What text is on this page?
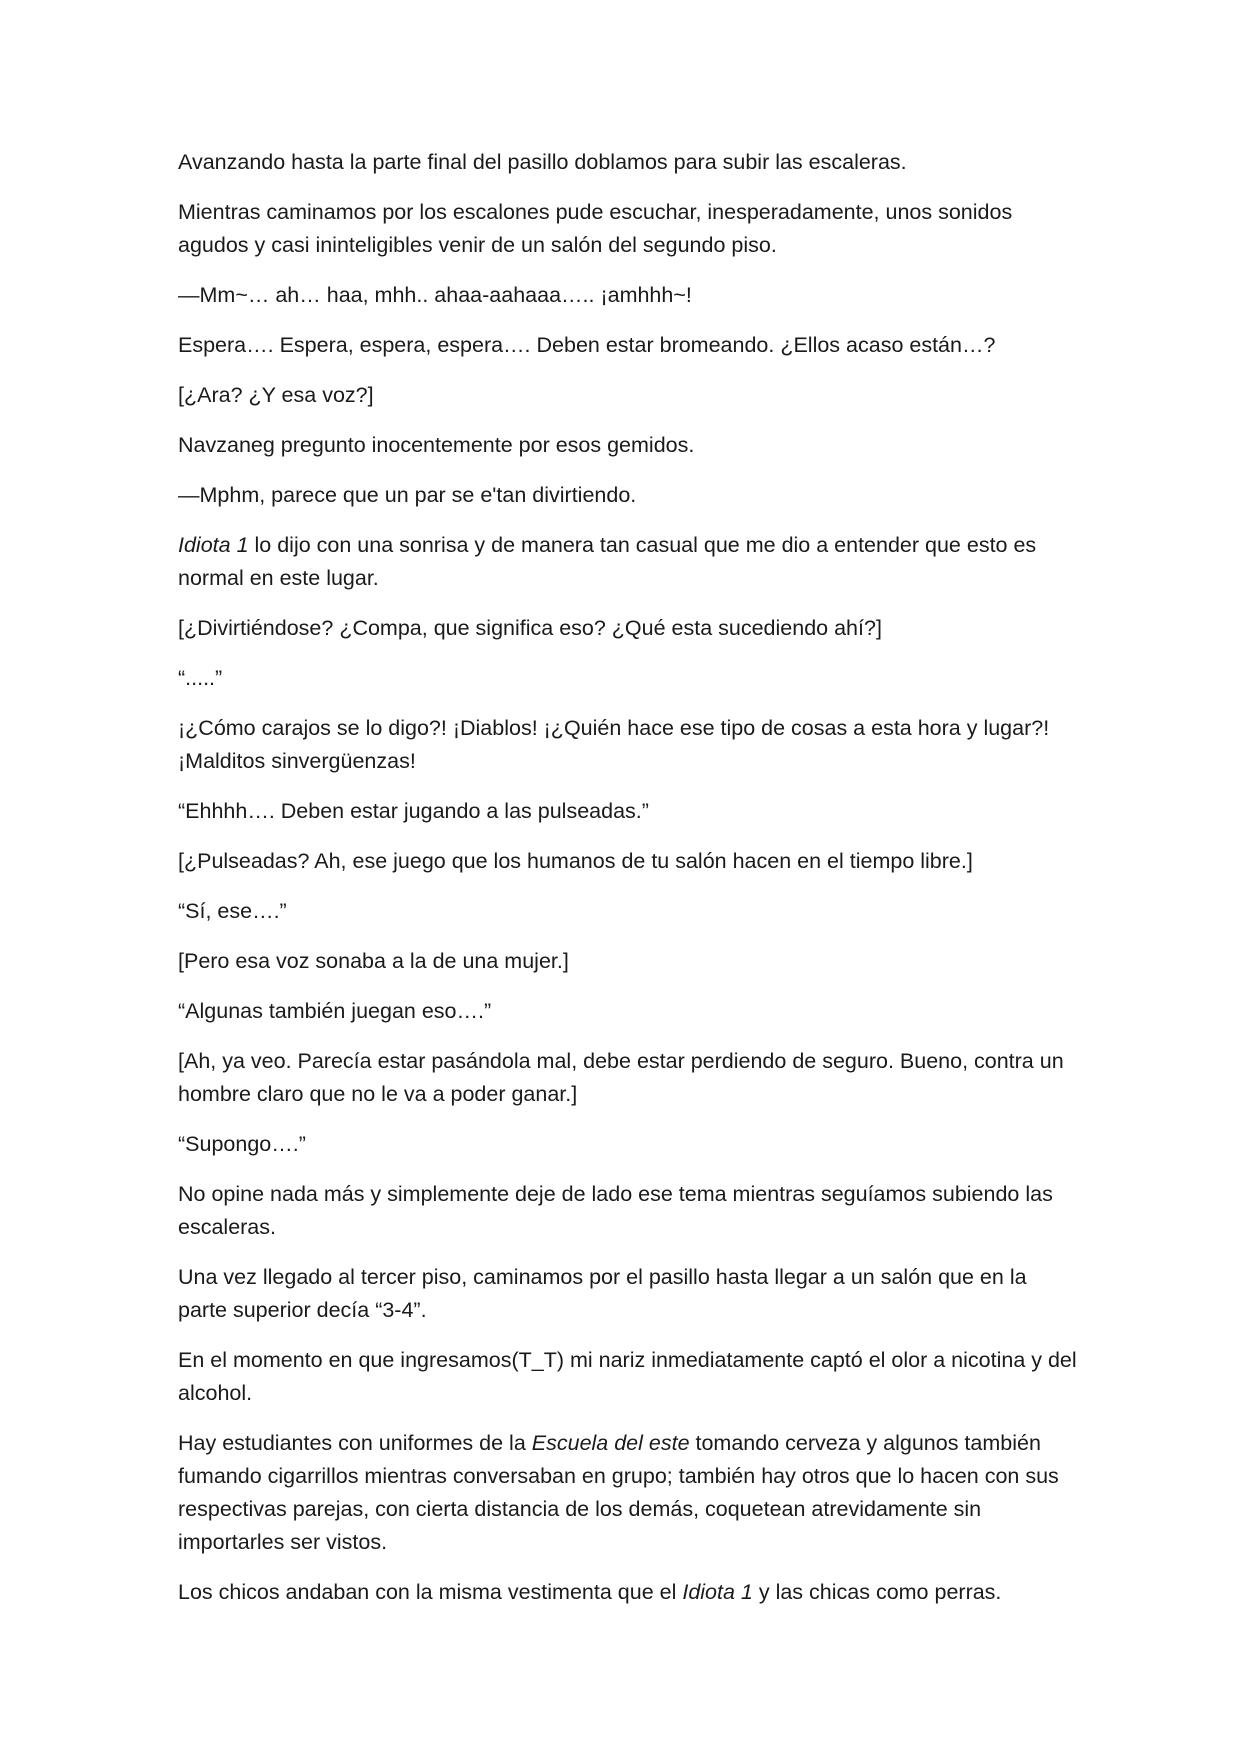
Avanzando hasta la parte final del pasillo doblamos para subir las escaleras.

Mientras caminamos por los escalones pude escuchar, inesperadamente, unos sonidos agudos y casi ininteligibles venir de un salón del segundo piso.

—Mm~… ah… haa, mhh.. ahaa-aahaaa….. ¡amhhh~!

Espera…. Espera, espera, espera…. Deben estar bromeando. ¿Ellos acaso están…?

[¿Ara? ¿Y esa voz?]

Navzaneg pregunto inocentemente por esos gemidos.

—Mphm, parece que un par se e'tan divirtiendo.

Idiota 1 lo dijo con una sonrisa y de manera tan casual que me dio a entender que esto es normal en este lugar.

[¿Divirtiéndose? ¿Compa, que significa eso? ¿Qué esta sucediendo ahí?]

“.....”

¡¿Cómo carajos se lo digo?! ¡Diablos! ¡¿Quién hace ese tipo de cosas a esta hora y lugar?! ¡Malditos sinvergüenzas!

“Ehhhh…. Deben estar jugando a las pulseadas.”

[¿Pulseadas? Ah, ese juego que los humanos de tu salón hacen en el tiempo libre.]

“Sí, ese….”

[Pero esa voz sonaba a la de una mujer.]

“Algunas también juegan eso….”

[Ah, ya veo. Parecía estar pasándola mal, debe estar perdiendo de seguro. Bueno, contra un hombre claro que no le va a poder ganar.]

“Supongo….”

No opine nada más y simplemente deje de lado ese tema mientras seguíamos subiendo las escaleras.

Una vez llegado al tercer piso, caminamos por el pasillo hasta llegar a un salón que en la parte superior decía “3-4”.

En el momento en que ingresamos(T_T) mi nariz inmediatamente captó el olor a nicotina y del alcohol.

Hay estudiantes con uniformes de la Escuela del este tomando cerveza y algunos también fumando cigarrillos mientras conversaban en grupo; también hay otros que lo hacen con sus respectivas parejas, con cierta distancia de los demás, coquetean atrevidamente sin importarles ser vistos.

Los chicos andaban con la misma vestimenta que el Idiota 1 y las chicas como perras.
